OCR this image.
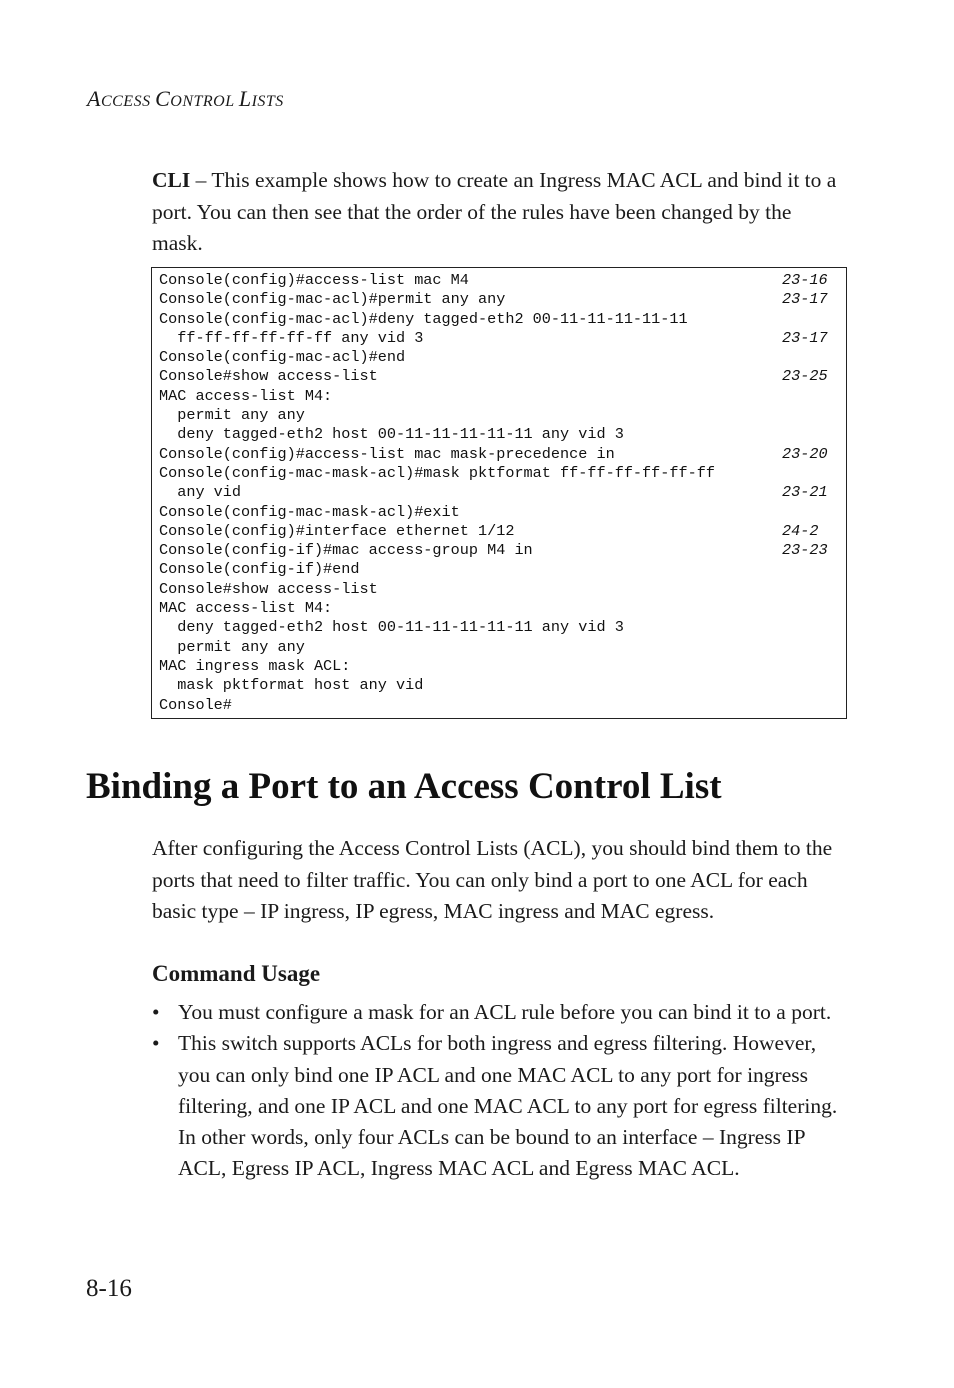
ACCESS CONTROL LISTS

CLI – This example shows how to create an Ingress MAC ACL and bind it to a port. You can then see that the order of the rules have been changed by the mask.

Console(config)#access-list mac M4	23-16
Console(config-mac-acl)#permit any any	23-17
Console(config-mac-acl)#deny tagged-eth2 00-11-11-11-11-11
ff-ff-ff-ff-ff-ff any vid 3	23-17
Console(config-mac-acl)#end
Console#show access-list	23-25
MAC access-list M4:
permit any any
deny tagged-eth2 host 00-11-11-11-11-11 any vid 3
Console(config)#access-list mac mask-precedence in	23-20
Console(config-mac-mask-acl)#mask pktformat ff-ff-ff-ff-ff-ff
any vid	23-21
Console(config-mac-mask-acl)#exit
Console(config)#interface ethernet 1/12	24-2
Console(config-if)#mac access-group M4 in	23-23
Console(config-if)#end
Console#show access-list
MAC access-list M4:
deny tagged-eth2 host 00-11-11-11-11-11 any vid 3
permit any any
MAC ingress mask ACL:
mask pktformat host any vid
Console#
Binding a Port to an Access Control List

After configuring the Access Control Lists (ACL), you should bind them to the ports that need to filter traffic. You can only bind a port to one ACL for each basic type – IP ingress, IP egress, MAC ingress and MAC egress.

Command Usage
• You must configure a mask for an ACL rule before you can bind it to a port.
• This switch supports ACLs for both ingress and egress filtering. However, you can only bind one IP ACL and one MAC ACL to any port for ingress filtering, and one IP ACL and one MAC ACL to any port for egress filtering. In other words, only four ACLs can be bound to an interface – Ingress IP ACL, Egress IP ACL, Ingress MAC ACL and Egress MAC ACL.

8-16
